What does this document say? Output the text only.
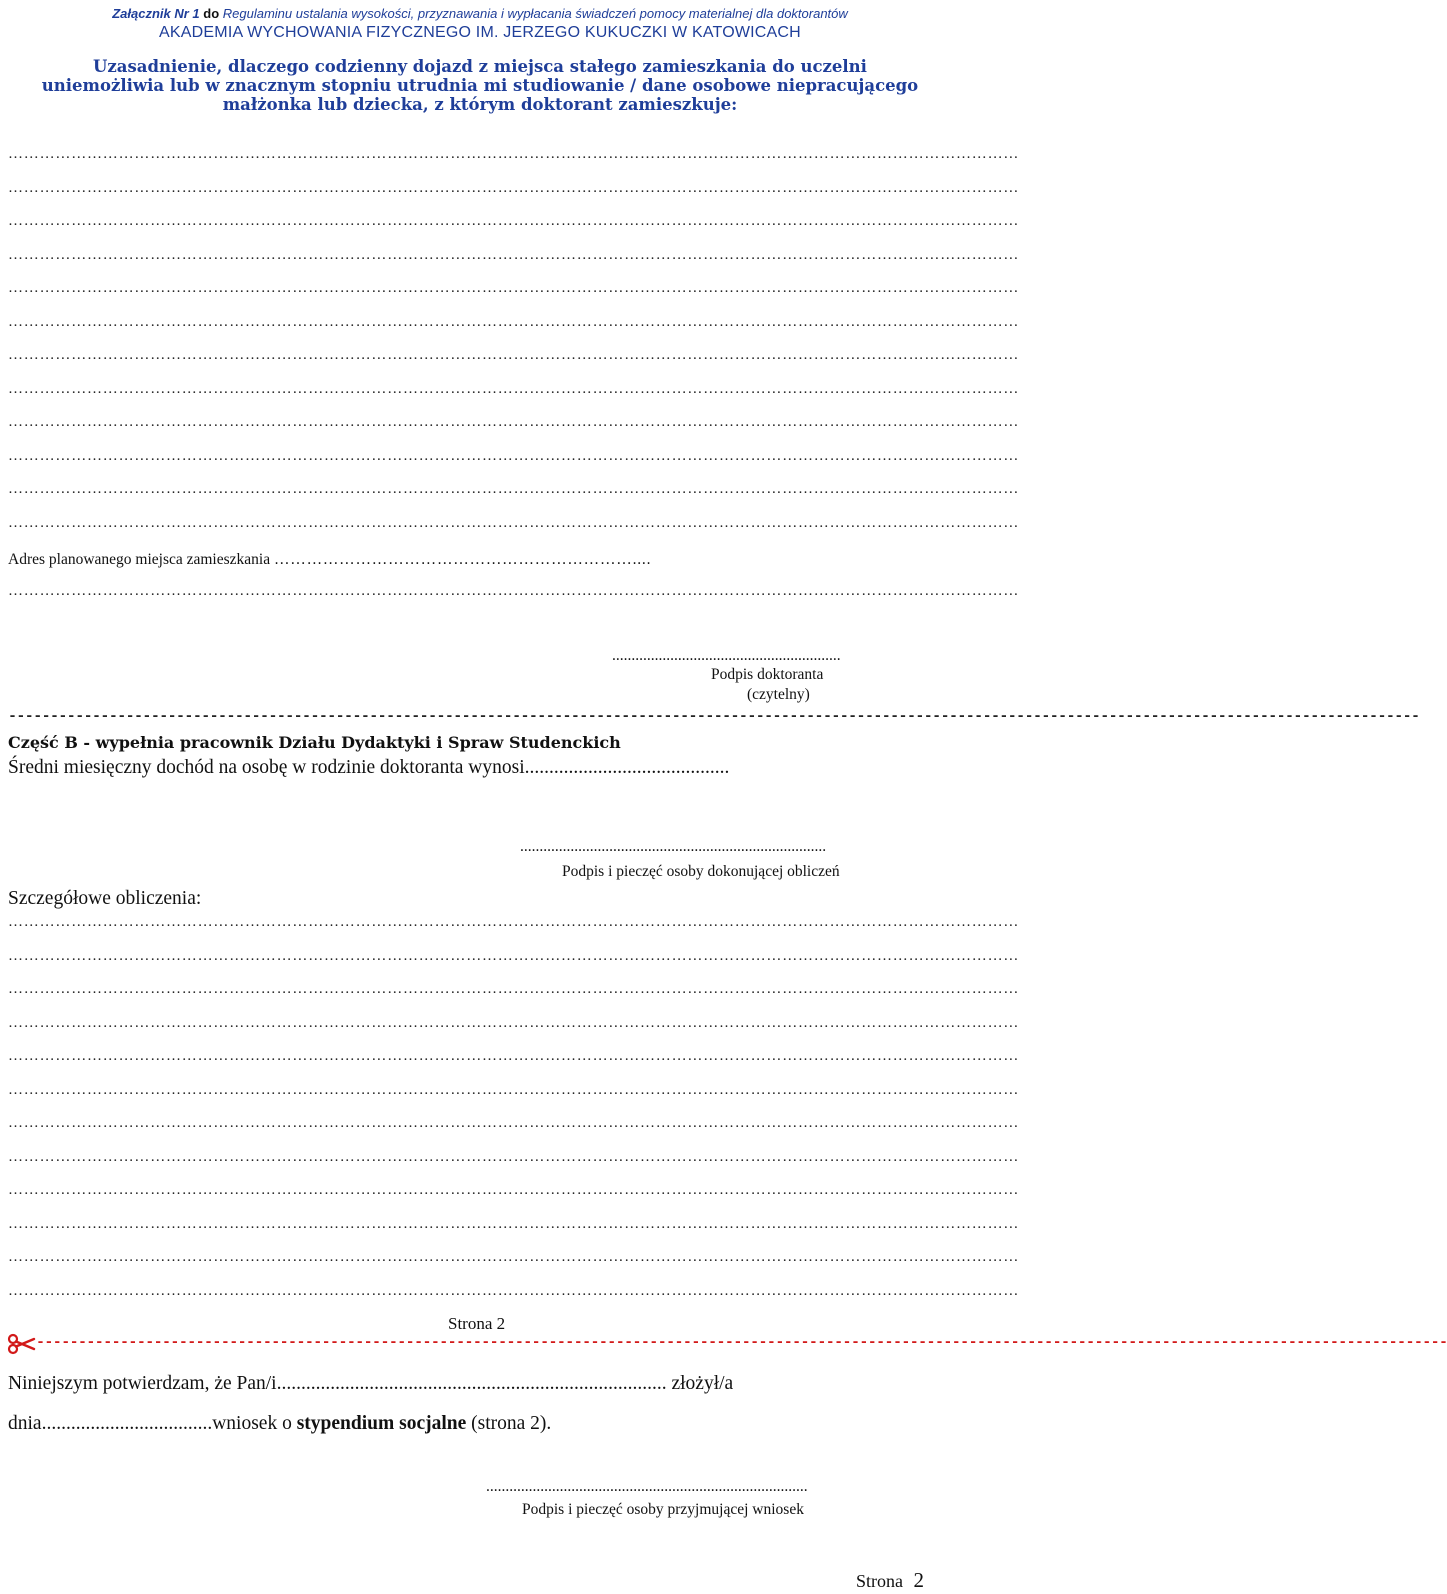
Załącznik Nr 1 do Regulaminu ustalania wysokości, przyznawania i wypłacania świadczeń pomocy materialnej dla doktorantów
AKADEMIA WYCHOWANIA FIZYCZNEGO IM. JERZEGO KUKUCZKI W KATOWICACH
Uzasadnienie, dlaczego codzienny dojazd z miejsca stałego zamieszkania do uczelni uniemożliwia lub w znacznym stopniu utrudnia mi studiowanie / dane osobowe niepracującego małżonka lub dziecka, z którym doktorant zamieszkuje:
…………………………………………………………………………………………………………………………………………………………………………
…………………………………………………………………………………………………………………………………………………………………………
…………………………………………………………………………………………………………………………………………………………………………
…………………………………………………………………………………………………………………………………………………………………………
…………………………………………………………………………………………………………………………………………………………………………
…………………………………………………………………………………………………………………………………………………………………………
…………………………………………………………………………………………………………………………………………………………………………
…………………………………………………………………………………………………………………………………………………………………………
…………………………………………………………………………………………………………………………………………………………………………
…………………………………………………………………………………………………………………………………………………………………………
…………………………………………………………………………………………………………………………………………………………………………
…………………………………………………………………………………………………………………………………………………………………………
Adres planowanego miejsca zamieszkania …………………………………………………………....
…………………………………………………………………………………………………………………………………………………………………………
...........................................................
Podpis doktoranta
(czytelny)
------------------------------------------------------------------------------------------------------------------------------------------------------------------------
Część B - wypełnia pracownik Działu Dydaktyki i Spraw Studenckich
Średni miesięczny dochód na osobę w rodzinie doktoranta wynosi..........................................
...............................................................................
Podpis i pieczęć osoby dokonującej obliczeń
Szczegółowe obliczenia:
…………………………………………………………………………………………………………………………………………………………………………
…………………………………………………………………………………………………………………………………………………………………………
…………………………………………………………………………………………………………………………………………………………………………
…………………………………………………………………………………………………………………………………………………………………………
…………………………………………………………………………………………………………………………………………………………………………
…………………………………………………………………………………………………………………………………………………………………………
…………………………………………………………………………………………………………………………………………………………………………
…………………………………………………………………………………………………………………………………………………………………………
…………………………………………………………………………………………………………………………………………………………………………
…………………………………………………………………………………………………………………………………………………………………………
…………………………………………………………………………………………………………………………………………………………………………
…………………………………………………………………………………………………………………………………………………………………………
Strona 2
------------------------------------------------------------------------------------------------------------------------------------------------------------------------
Niniejszym potwierdzam, że Pan/i................................................................................ złożył/a
dnia...................................wniosek o stypendium socjalne (strona 2).
...................................................................................
Podpis i pieczęć osoby przyjmującej wniosek
Strona 2
